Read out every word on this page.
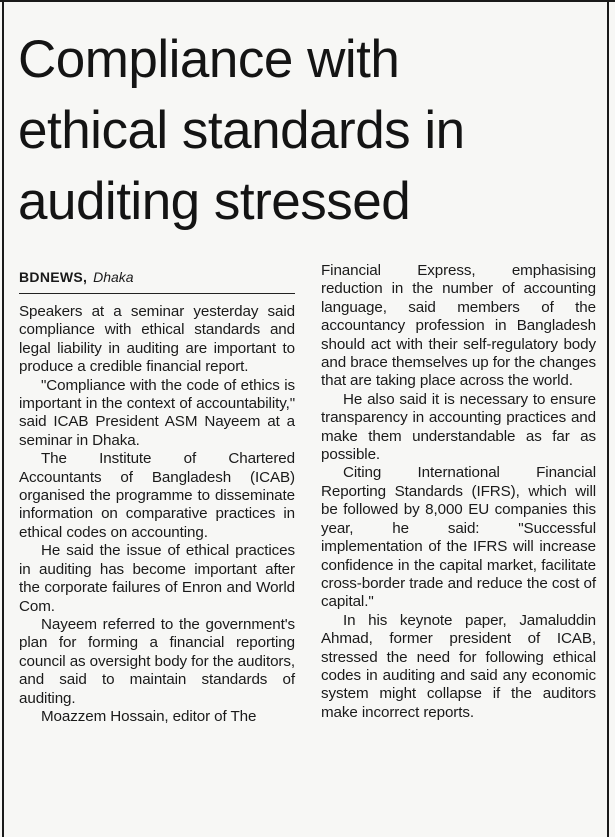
Compliance with
ethical standards in
auditing stressed
BDNEWS, Dhaka

Speakers at a seminar yesterday said compliance with ethical standards and legal liability in auditing are important to produce a credible financial report.

"Compliance with the code of ethics is important in the context of accountability," said ICAB President ASM Nayeem at a seminar in Dhaka.

The Institute of Chartered Accountants of Bangladesh (ICAB) organised the programme to disseminate information on comparative practices in ethical codes on accounting.

He said the issue of ethical practices in auditing has become important after the corporate failures of Enron and World Com.

Nayeem referred to the government's plan for forming a financial reporting council as oversight body for the auditors, and said to maintain standards of auditing.

Moazzem Hossain, editor of The

Financial Express, emphasising reduction in the number of accounting language, said members of the accountancy profession in Bangladesh should act with their self-regulatory body and brace themselves up for the changes that are taking place across the world.

He also said it is necessary to ensure transparency in accounting practices and make them understandable as far as possible.

Citing International Financial Reporting Standards (IFRS), which will be followed by 8,000 EU companies this year, he said: "Successful implementation of the IFRS will increase confidence in the capital market, facilitate cross-border trade and reduce the cost of capital."

In his keynote paper, Jamaluddin Ahmad, former president of ICAB, stressed the need for following ethical codes in auditing and said any economic system might collapse if the auditors make incorrect reports.
